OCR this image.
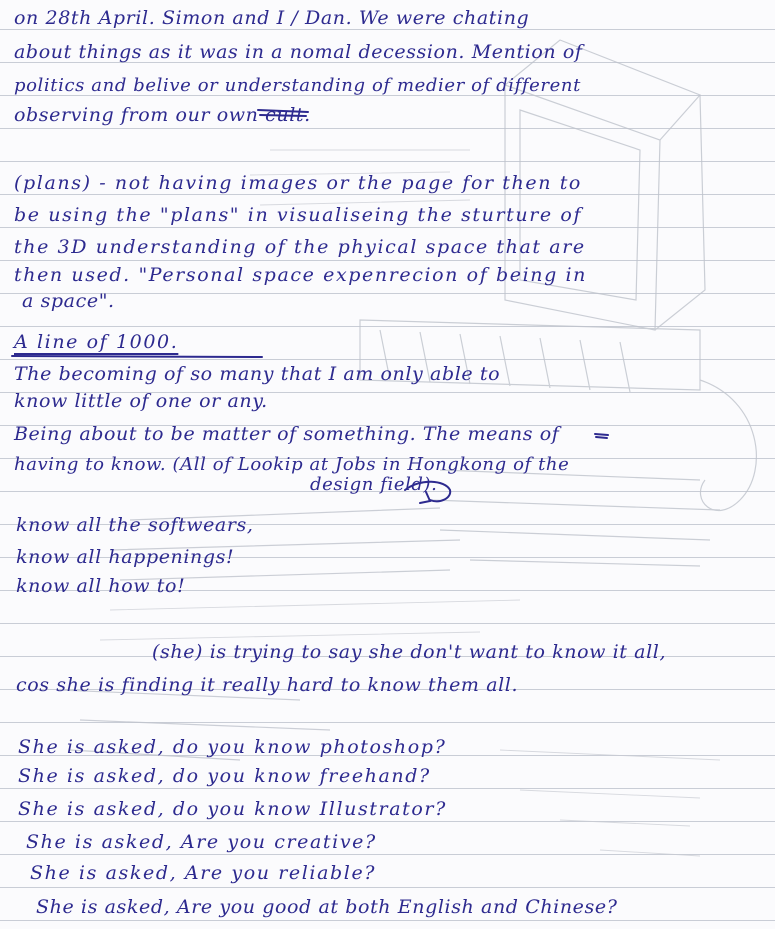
on 28th April. Simon and I / Dan. We were chating
about things as it was in a nomal decession. Mention of
politics and belive or understanding of medier of different
observing from our own cult.
(plans) - not having images or the page for then to
be using the "plans" in visualiseing the sturture of
the 3D understanding of the phyical space that are
then used. "Personal space expenrecion of being in
a space".
A line of 1000.
The becoming of so many that I am only able to
know little of one or any.
Being about to be matter of something. The means of
having to know. (All of Lookip at Jobs in Hongkong of the
design field).
know all the softwears,
know all happenings!
know all how to!
(she) is trying to say she don't want to know it all,
cos she is finding it really hard to know them all.
She is asked, do you know photoshop?
She is asked, do you know freehand?
She is asked, do you know Illustrator?
She is asked, Are you creative?
She is asked, Are you reliable?
She is asked, Are you good at both English and Chinese?
